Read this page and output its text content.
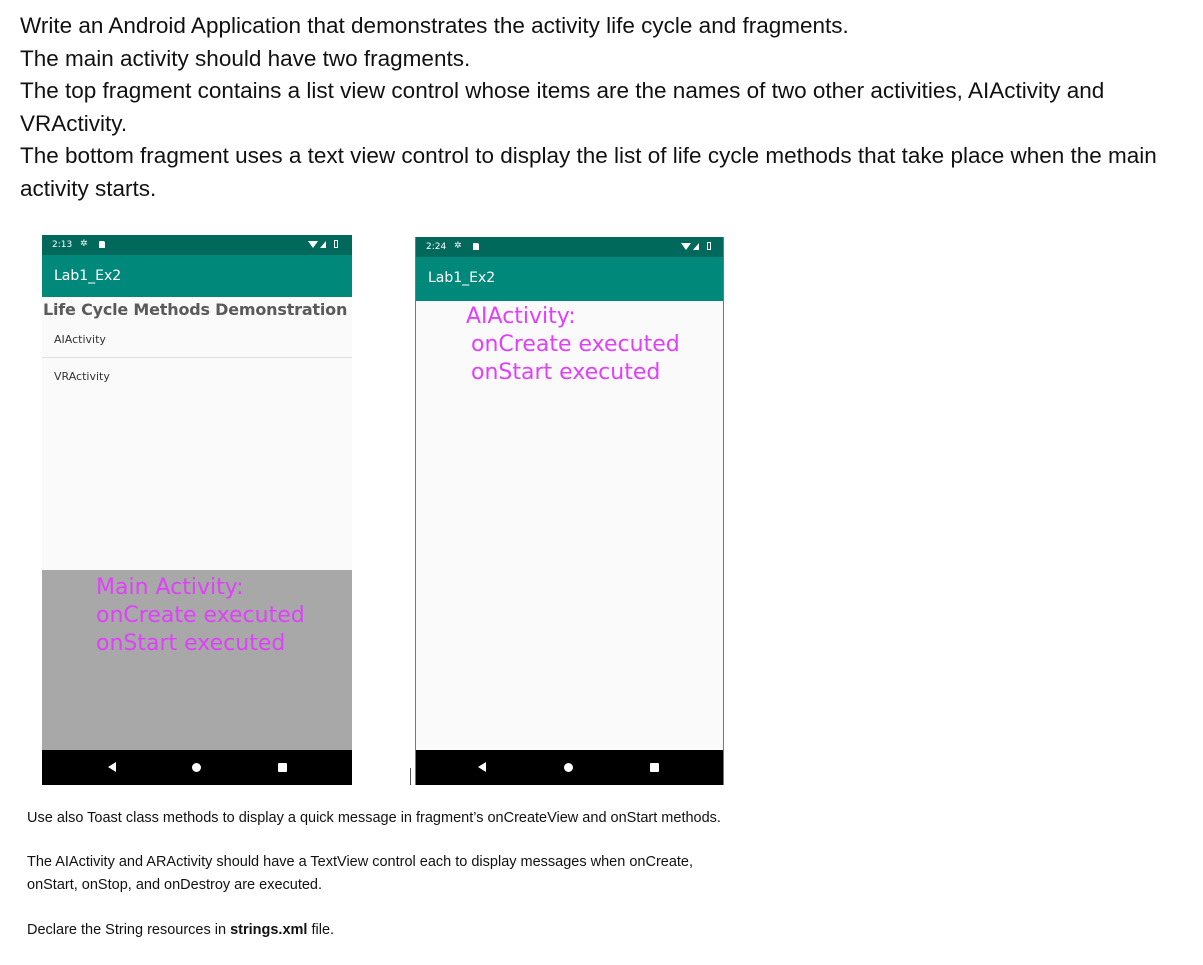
Write an Android Application that demonstrates the activity life cycle and fragments.

The main activity should have two fragments.

The top fragment contains a list view control whose items are the names of two other activities, AIActivity and VRActivity.

The bottom fragment uses a text view control to display the list of life cycle methods that take place when the main activity starts.

2:13 ✲
Lab1_Ex2
Life Cycle Methods Demonstration
AIActivity
VRActivity
Main Activity:
onCreate executed
onStart executed
2:24 ✲
Lab1_Ex2
AIActivity:
onCreate executed
onStart executed

Use also Toast class methods to display a quick message in fragment’s onCreateView and onStart methods.

The AIActivity and ARActivity should have a TextView control each to display messages when onCreate,
onStart, onStop, and onDestroy are executed.

Declare the String resources in strings.xml file.
